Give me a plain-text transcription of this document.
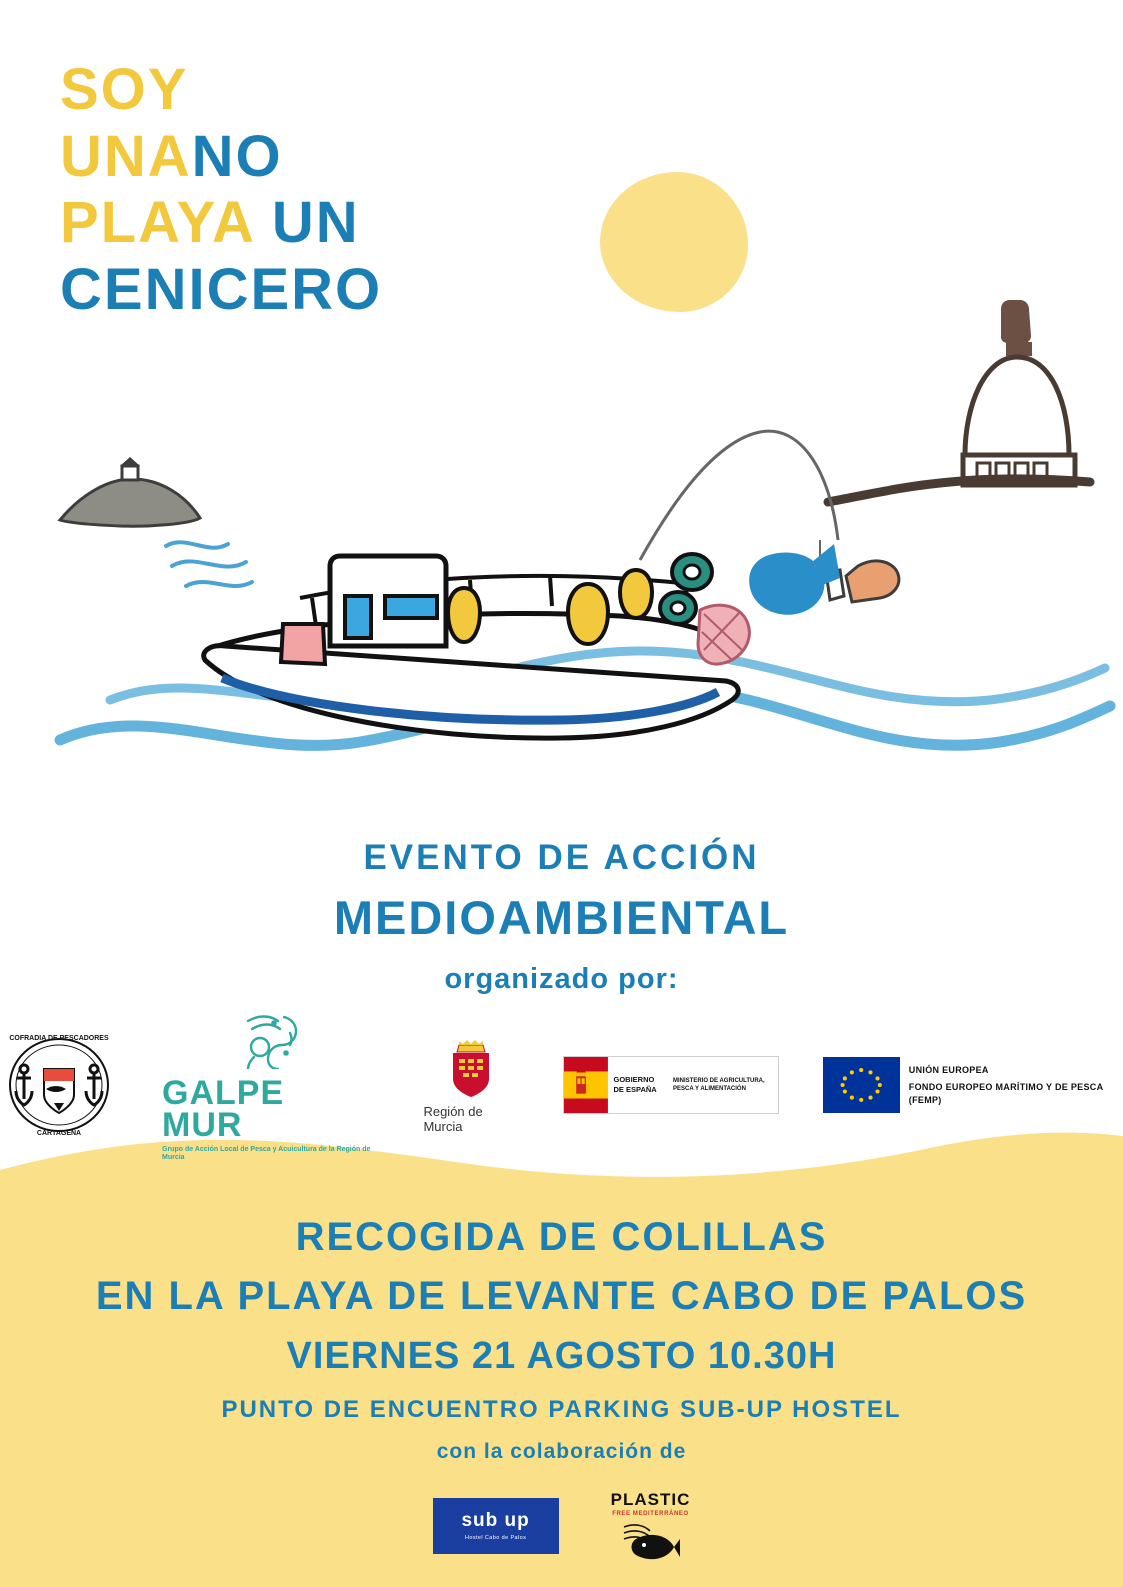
SOY
UNANO
PLAYA UN
CENICERO
EVENTO DE ACCIÓN
MEDIOAMBIENTAL
organizado por:
COFRADIA DE PESCADORES
CARTAGENA
GALPE
MUR
Grupo de Acción Local de Pesca y Acuicultura de la Región de Murcia
Región de Murcia
GOBIERNO DE ESPAÑA
MINISTERIO DE AGRICULTURA, PESCA Y ALIMENTACIÓN
UNIÓN EUROPEA
FONDO EUROPEO MARÍTIMO Y DE PESCA (FEMP)
RECOGIDA DE COLILLAS
EN LA PLAYA DE LEVANTE CABO DE PALOS
VIERNES 21 AGOSTO 10.30H
PUNTO DE ENCUENTRO PARKING SUB-UP HOSTEL
con la colaboración de
sub up
Hostel Cabo de Palos
PLASTIC
FREE MEDITERRÁNEO
